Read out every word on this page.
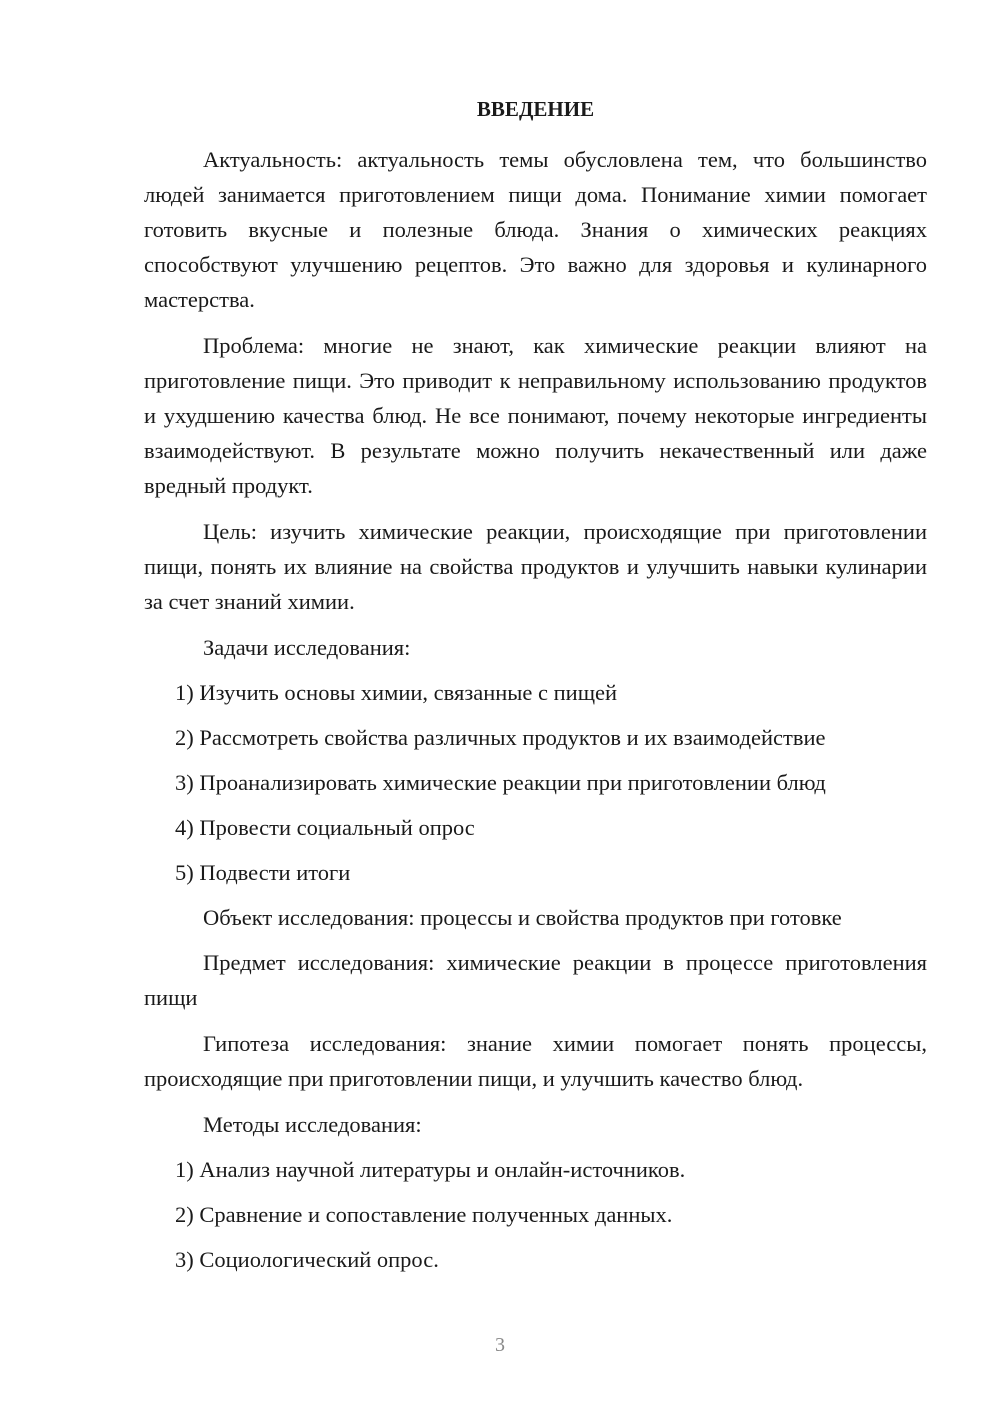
ВВЕДЕНИЕ

Актуальность: актуальность темы обусловлена тем, что большинство людей занимается приготовлением пищи дома. Понимание химии помогает готовить вкусные и полезные блюда. Знания о химических реакциях способствуют улучшению рецептов. Это важно для здоровья и кулинарного мастерства.

Проблема: многие не знают, как химические реакции влияют на приготовление пищи. Это приводит к неправильному использованию продуктов и ухудшению качества блюд. Не все понимают, почему некоторые ингредиенты взаимодействуют. В результате можно получить некачественный или даже вредный продукт.

Цель: изучить химические реакции, происходящие при приготовлении пищи, понять их влияние на свойства продуктов и улучшить навыки кулинарии за счет знаний химии.

Задачи исследования:

1) Изучить основы химии, связанные с пищей
2) Рассмотреть свойства различных продуктов и их взаимодействие
3) Проанализировать химические реакции при приготовлении блюд
4) Провести социальный опрос
5) Подвести итоги

Объект исследования: процессы и свойства продуктов при готовке

Предмет исследования: химические реакции в процессе приготовления пищи

Гипотеза исследования: знание химии помогает понять процессы, происходящие при приготовлении пищи, и улучшить качество блюд.

Методы исследования:

1) Анализ научной литературы и онлайн-источников.
2) Сравнение и сопоставление полученных данных.
3) Социологический опрос.
3
